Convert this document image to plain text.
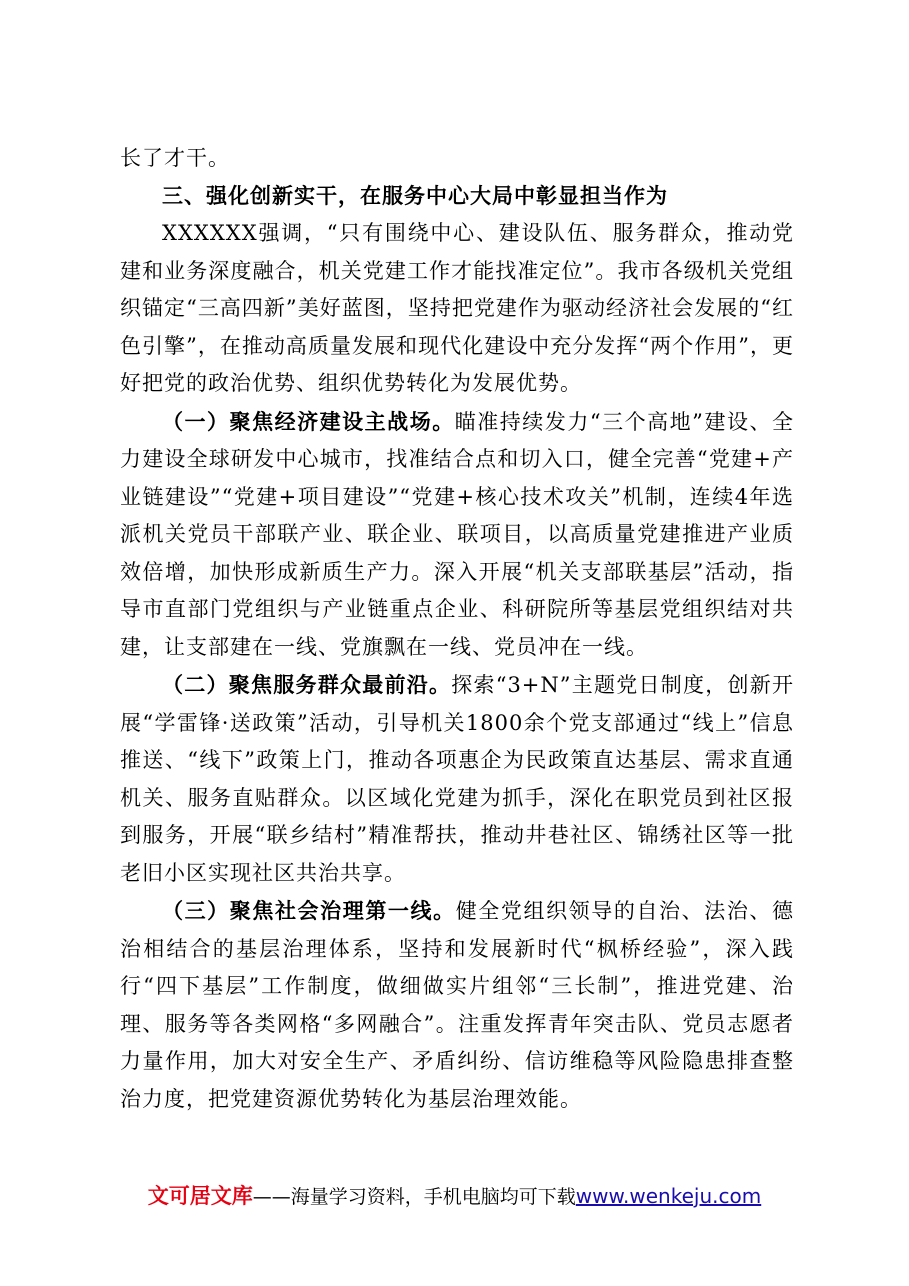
长了才干。

三、强化创新实干，在服务中心大局中彰显担当作为

XXXXXX强调，“只有围绕中心、建设队伍、服务群众，推动党建和业务深度融合，机关党建工作才能找准定位”。我市各级机关党组织锚定“三高四新”美好蓝图，坚持把党建作为驱动经济社会发展的“红色引擎”，在推动高质量发展和现代化建设中充分发挥“两个作用”，更好把党的政治优势、组织优势转化为发展优势。

（一）聚焦经济建设主战场。瞄准持续发力“三个高地”建设、全力建设全球研发中心城市，找准结合点和切入口，健全完善“党建+产业链建设”“党建+项目建设”“党建+核心技术攻关”机制，连续4年选派机关党员干部联产业、联企业、联项目，以高质量党建推进产业质效倍增，加快形成新质生产力。深入开展“机关支部联基层”活动，指导市直部门党组织与产业链重点企业、科研院所等基层党组织结对共建，让支部建在一线、党旗飘在一线、党员冲在一线。

（二）聚焦服务群众最前沿。探索“3+N”主题党日制度，创新开展“学雷锋·送政策”活动，引导机关1800余个党支部通过“线上”信息推送、“线下”政策上门，推动各项惠企为民政策直达基层、需求直通机关、服务直贴群众。以区域化党建为抓手，深化在职党员到社区报到服务，开展“联乡结村”精准帮扶，推动井巷社区、锦绣社区等一批老旧小区实现社区共治共享。

（三）聚焦社会治理第一线。健全党组织领导的自治、法治、德治相结合的基层治理体系，坚持和发展新时代“枫桥经验”，深入践行“四下基层”工作制度，做细做实片组邻“三长制”，推进党建、治理、服务等各类网格“多网融合”。注重发挥青年突击队、党员志愿者力量作用，加大对安全生产、矛盾纠纷、信访维稳等风险隐患排查整治力度，把党建资源优势转化为基层治理效能。

文可居文库——海量学习资料，手机电脑均可下载www.wenkeju.com
